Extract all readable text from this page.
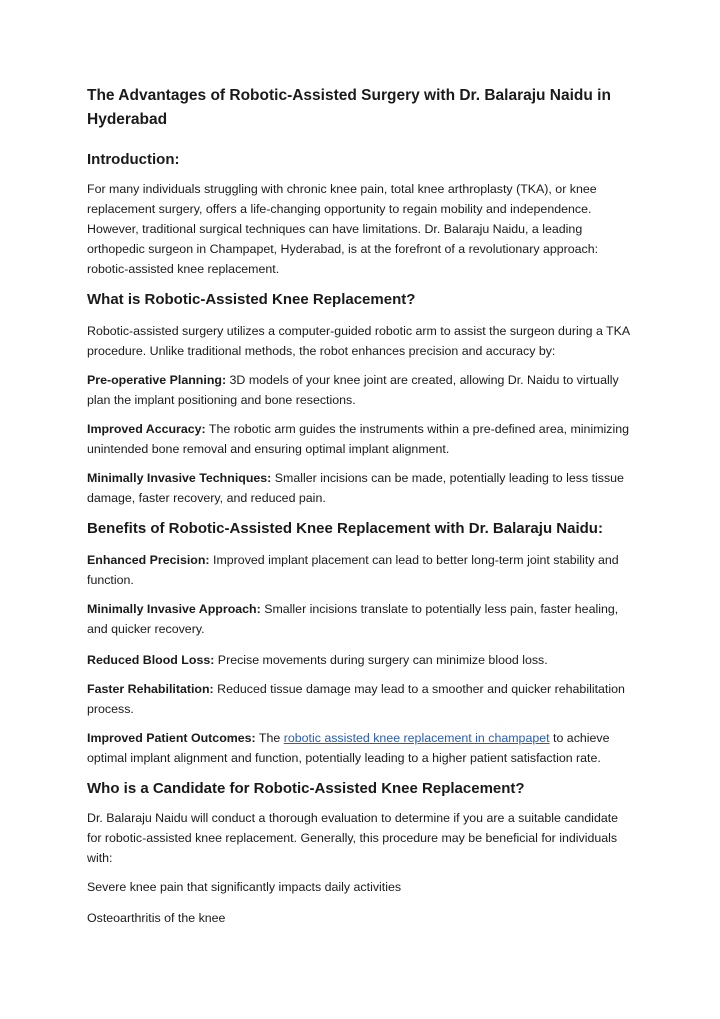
The Advantages of Robotic-Assisted Surgery with Dr. Balaraju Naidu in Hyderabad
Introduction:

For many individuals struggling with chronic knee pain, total knee arthroplasty (TKA), or knee replacement surgery, offers a life-changing opportunity to regain mobility and independence. However, traditional surgical techniques can have limitations. Dr. Balaraju Naidu, a leading orthopedic surgeon in Champapet, Hyderabad, is at the forefront of a revolutionary approach: robotic-assisted knee replacement.

What is Robotic-Assisted Knee Replacement?

Robotic-assisted surgery utilizes a computer-guided robotic arm to assist the surgeon during a TKA procedure. Unlike traditional methods, the robot enhances precision and accuracy by:

Pre-operative Planning: 3D models of your knee joint are created, allowing Dr. Naidu to virtually plan the implant positioning and bone resections.

Improved Accuracy: The robotic arm guides the instruments within a pre-defined area, minimizing unintended bone removal and ensuring optimal implant alignment.

Minimally Invasive Techniques: Smaller incisions can be made, potentially leading to less tissue damage, faster recovery, and reduced pain.

Benefits of Robotic-Assisted Knee Replacement with Dr. Balaraju Naidu:

Enhanced Precision: Improved implant placement can lead to better long-term joint stability and function.

Minimally Invasive Approach: Smaller incisions translate to potentially less pain, faster healing, and quicker recovery.

Reduced Blood Loss: Precise movements during surgery can minimize blood loss.

Faster Rehabilitation: Reduced tissue damage may lead to a smoother and quicker rehabilitation process.

Improved Patient Outcomes: The robotic assisted knee replacement in champapet to achieve optimal implant alignment and function, potentially leading to a higher patient satisfaction rate.

Who is a Candidate for Robotic-Assisted Knee Replacement?

Dr. Balaraju Naidu will conduct a thorough evaluation to determine if you are a suitable candidate for robotic-assisted knee replacement. Generally, this procedure may be beneficial for individuals with:

Severe knee pain that significantly impacts daily activities

Osteoarthritis of the knee
